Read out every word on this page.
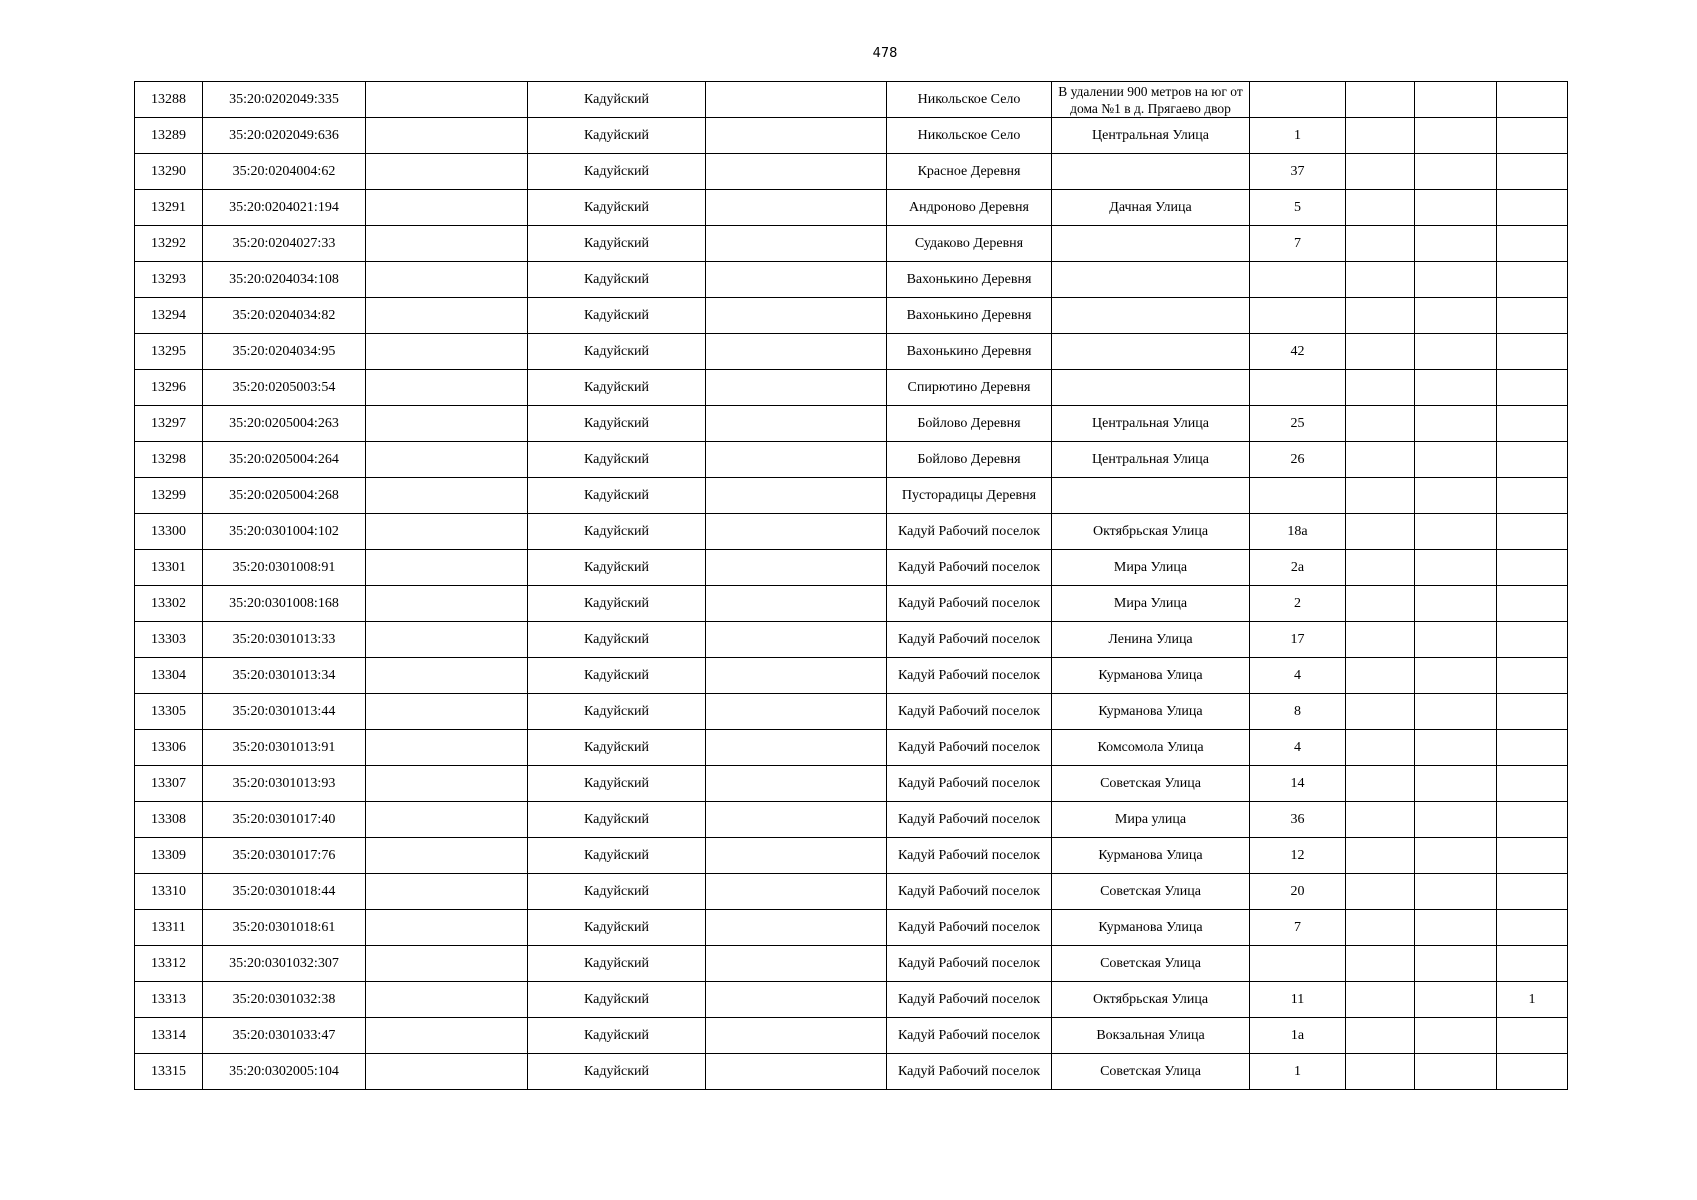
478
13288	35:20:0202049:335		Кадуйский		Никольское Село	В удалении 900 метров на юг от дома №1 в д. Прягаево двор				
13289	35:20:0202049:636		Кадуйский		Никольское Село	Центральная Улица	1			
13290	35:20:0204004:62		Кадуйский		Красное Деревня		37			
13291	35:20:0204021:194		Кадуйский		Андроново Деревня	Дачная Улица	5			
13292	35:20:0204027:33		Кадуйский		Судаково Деревня		7			
13293	35:20:0204034:108		Кадуйский		Вахонькино Деревня					
13294	35:20:0204034:82		Кадуйский		Вахонькино Деревня					
13295	35:20:0204034:95		Кадуйский		Вахонькино Деревня		42			
13296	35:20:0205003:54		Кадуйский		Спирютино Деревня					
13297	35:20:0205004:263		Кадуйский		Бойлово Деревня	Центральная Улица	25			
13298	35:20:0205004:264		Кадуйский		Бойлово Деревня	Центральная Улица	26			
13299	35:20:0205004:268		Кадуйский		Пусторадицы Деревня					
13300	35:20:0301004:102		Кадуйский		Кадуй Рабочий поселок	Октябрьская Улица	18а			
13301	35:20:0301008:91		Кадуйский		Кадуй Рабочий поселок	Мира Улица	2а			
13302	35:20:0301008:168		Кадуйский		Кадуй Рабочий поселок	Мира Улица	2			
13303	35:20:0301013:33		Кадуйский		Кадуй Рабочий поселок	Ленина Улица	17			
13304	35:20:0301013:34		Кадуйский		Кадуй Рабочий поселок	Курманова Улица	4			
13305	35:20:0301013:44		Кадуйский		Кадуй Рабочий поселок	Курманова Улица	8			
13306	35:20:0301013:91		Кадуйский		Кадуй Рабочий поселок	Комсомола Улица	4			
13307	35:20:0301013:93		Кадуйский		Кадуй Рабочий поселок	Советская Улица	14			
13308	35:20:0301017:40		Кадуйский		Кадуй Рабочий поселок	Мира улица	36			
13309	35:20:0301017:76		Кадуйский		Кадуй Рабочий поселок	Курманова Улица	12			
13310	35:20:0301018:44		Кадуйский		Кадуй Рабочий поселок	Советская Улица	20			
13311	35:20:0301018:61		Кадуйский		Кадуй Рабочий поселок	Курманова Улица	7			
13312	35:20:0301032:307		Кадуйский		Кадуй Рабочий поселок	Советская Улица				
13313	35:20:0301032:38		Кадуйский		Кадуй Рабочий поселок	Октябрьская Улица	11			1
13314	35:20:0301033:47		Кадуйский		Кадуй Рабочий поселок	Вокзальная Улица	1а			
13315	35:20:0302005:104		Кадуйский		Кадуй Рабочий поселок	Советская Улица	1			
